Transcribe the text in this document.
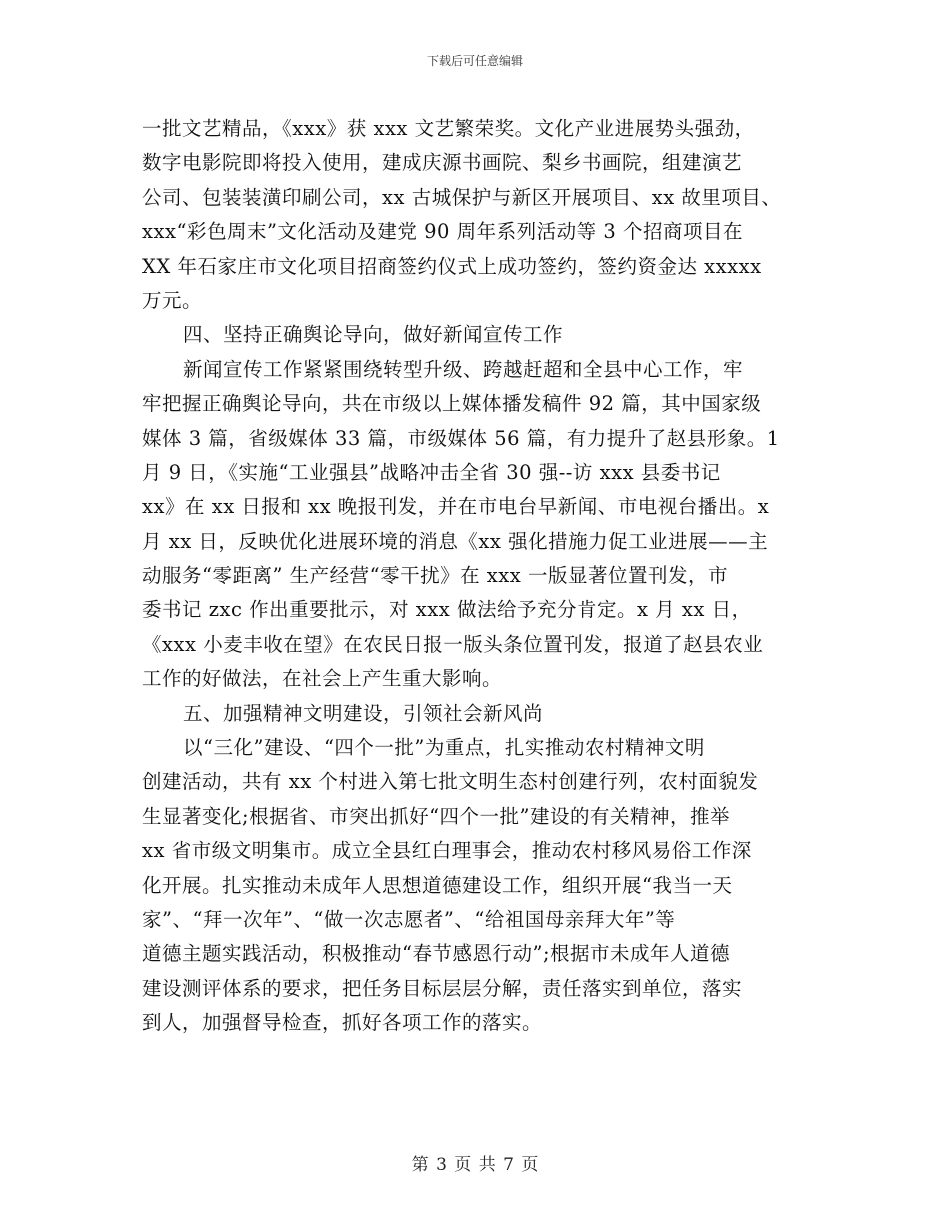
下载后可任意编辑
一批文艺精品，《xxx》获 xxx 文艺繁荣奖。文化产业进展势头强劲，
数字电影院即将投入使用，建成庆源书画院、梨乡书画院，组建演艺
公司、包装装潢印刷公司，xx 古城保护与新区开展项目、xx 故里项目、
xxx“彩色周末”文化活动及建党 90 周年系列活动等 3 个招商项目在
XX 年石家庄市文化项目招商签约仪式上成功签约，签约资金达 xxxxx
万元。
四、坚持正确舆论导向，做好新闻宣传工作
新闻宣传工作紧紧围绕转型升级、跨越赶超和全县中心工作，牢
牢把握正确舆论导向，共在市级以上媒体播发稿件 92 篇，其中国家级
媒体 3 篇，省级媒体 33 篇，市级媒体 56 篇，有力提升了赵县形象。1
月 9 日，《实施“工业强县”战略冲击全省 30 强--访 xxx 县委书记
xx》在 xx 日报和 xx 晚报刊发，并在市电台早新闻、市电视台播出。x
月 xx 日，反映优化进展环境的消息《xx 强化措施力促工业进展——主
动服务“零距离” 生产经营“零干扰》在 xxx 一版显著位置刊发，市
委书记 zxc 作出重要批示，对 xxx 做法给予充分肯定。x 月 xx 日，
《xxx 小麦丰收在望》在农民日报一版头条位置刊发，报道了赵县农业
工作的好做法，在社会上产生重大影响。
五、加强精神文明建设，引领社会新风尚
以“三化”建设、“四个一批”为重点，扎实推动农村精神文明
创建活动，共有 xx 个村进入第七批文明生态村创建行列，农村面貌发
生显著变化;根据省、市突出抓好“四个一批”建设的有关精神，推举
xx 省市级文明集市。成立全县红白理事会，推动农村移风易俗工作深
化开展。扎实推动未成年人思想道德建设工作，组织开展“我当一天
家”、“拜一次年”、“做一次志愿者”、“给祖国母亲拜大年”等
道德主题实践活动，积极推动“春节感恩行动”;根据市未成年人道德
建设测评体系的要求，把任务目标层层分解，责任落实到单位，落实
到人，加强督导检查，抓好各项工作的落实。
第 3 页 共 7 页
